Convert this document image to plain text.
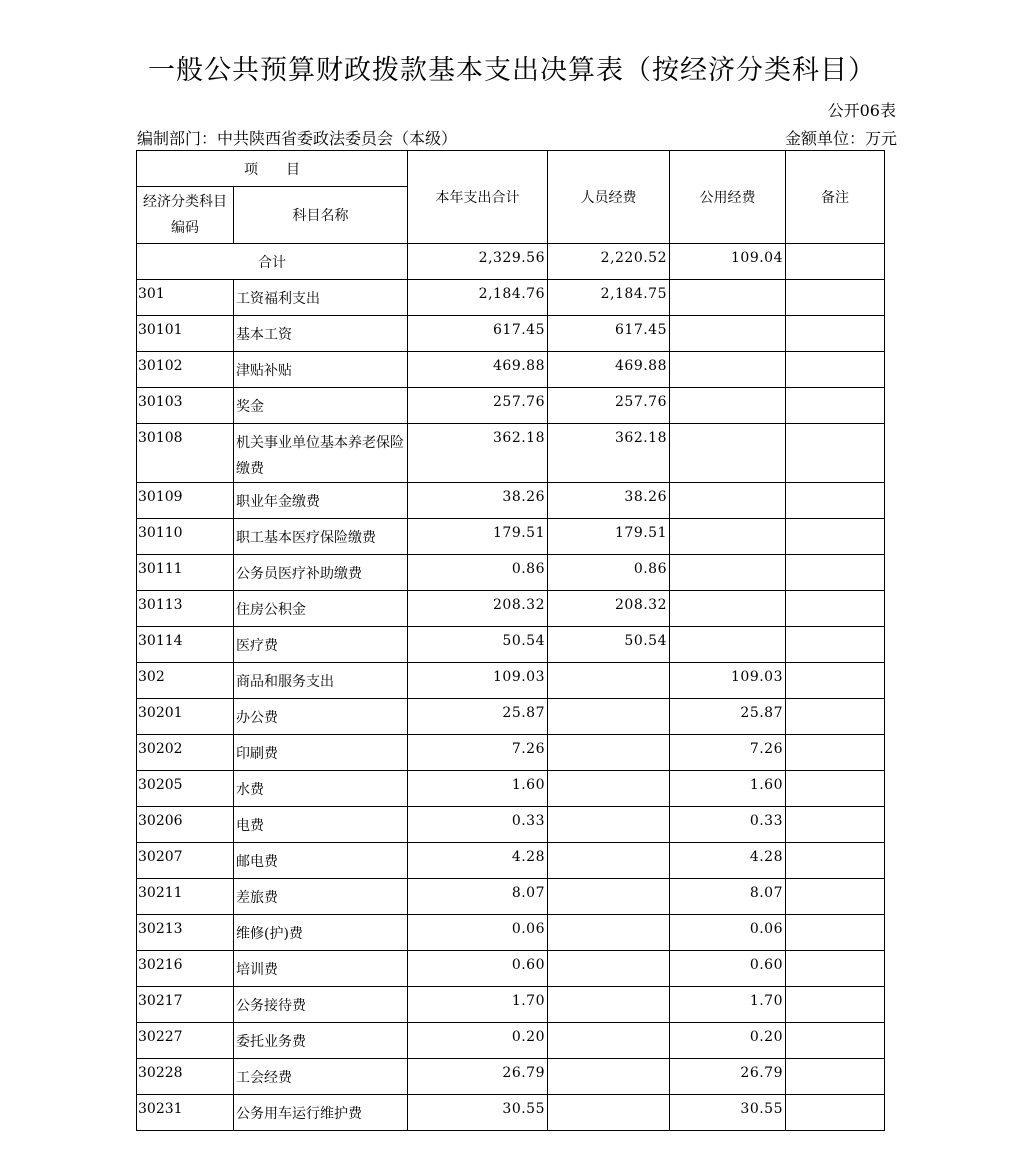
一般公共预算财政拨款基本支出决算表（按经济分类科目）
公开06表
编制部门：中共陕西省委政法委员会（本级）	金额单位：万元
项　　目		本年支出合计	人员经费	公用经费	备注
经济分类科目编码	科目名称				
合计		2,329.56	2,220.52	109.04	
301	工资福利支出	2,184.76	2,184.75		
30101	基本工资	617.45	617.45		
30102	津贴补贴	469.88	469.88		
30103	奖金	257.76	257.76		
30108	机关事业单位基本养老保险缴费	362.18	362.18		
30109	职业年金缴费	38.26	38.26		
30110	职工基本医疗保险缴费	179.51	179.51		
30111	公务员医疗补助缴费	0.86	0.86		
30113	住房公积金	208.32	208.32		
30114	医疗费	50.54	50.54		
302	商品和服务支出	109.03		109.03	
30201	办公费	25.87		25.87	
30202	印刷费	7.26		7.26	
30205	水费	1.60		1.60	
30206	电费	0.33		0.33	
30207	邮电费	4.28		4.28	
30211	差旅费	8.07		8.07	
30213	维修(护)费	0.06		0.06	
30216	培训费	0.60		0.60	
30217	公务接待费	1.70		1.70	
30227	委托业务费	0.20		0.20	
30228	工会经费	26.79		26.79	
30231	公务用车运行维护费	30.55		30.55	
